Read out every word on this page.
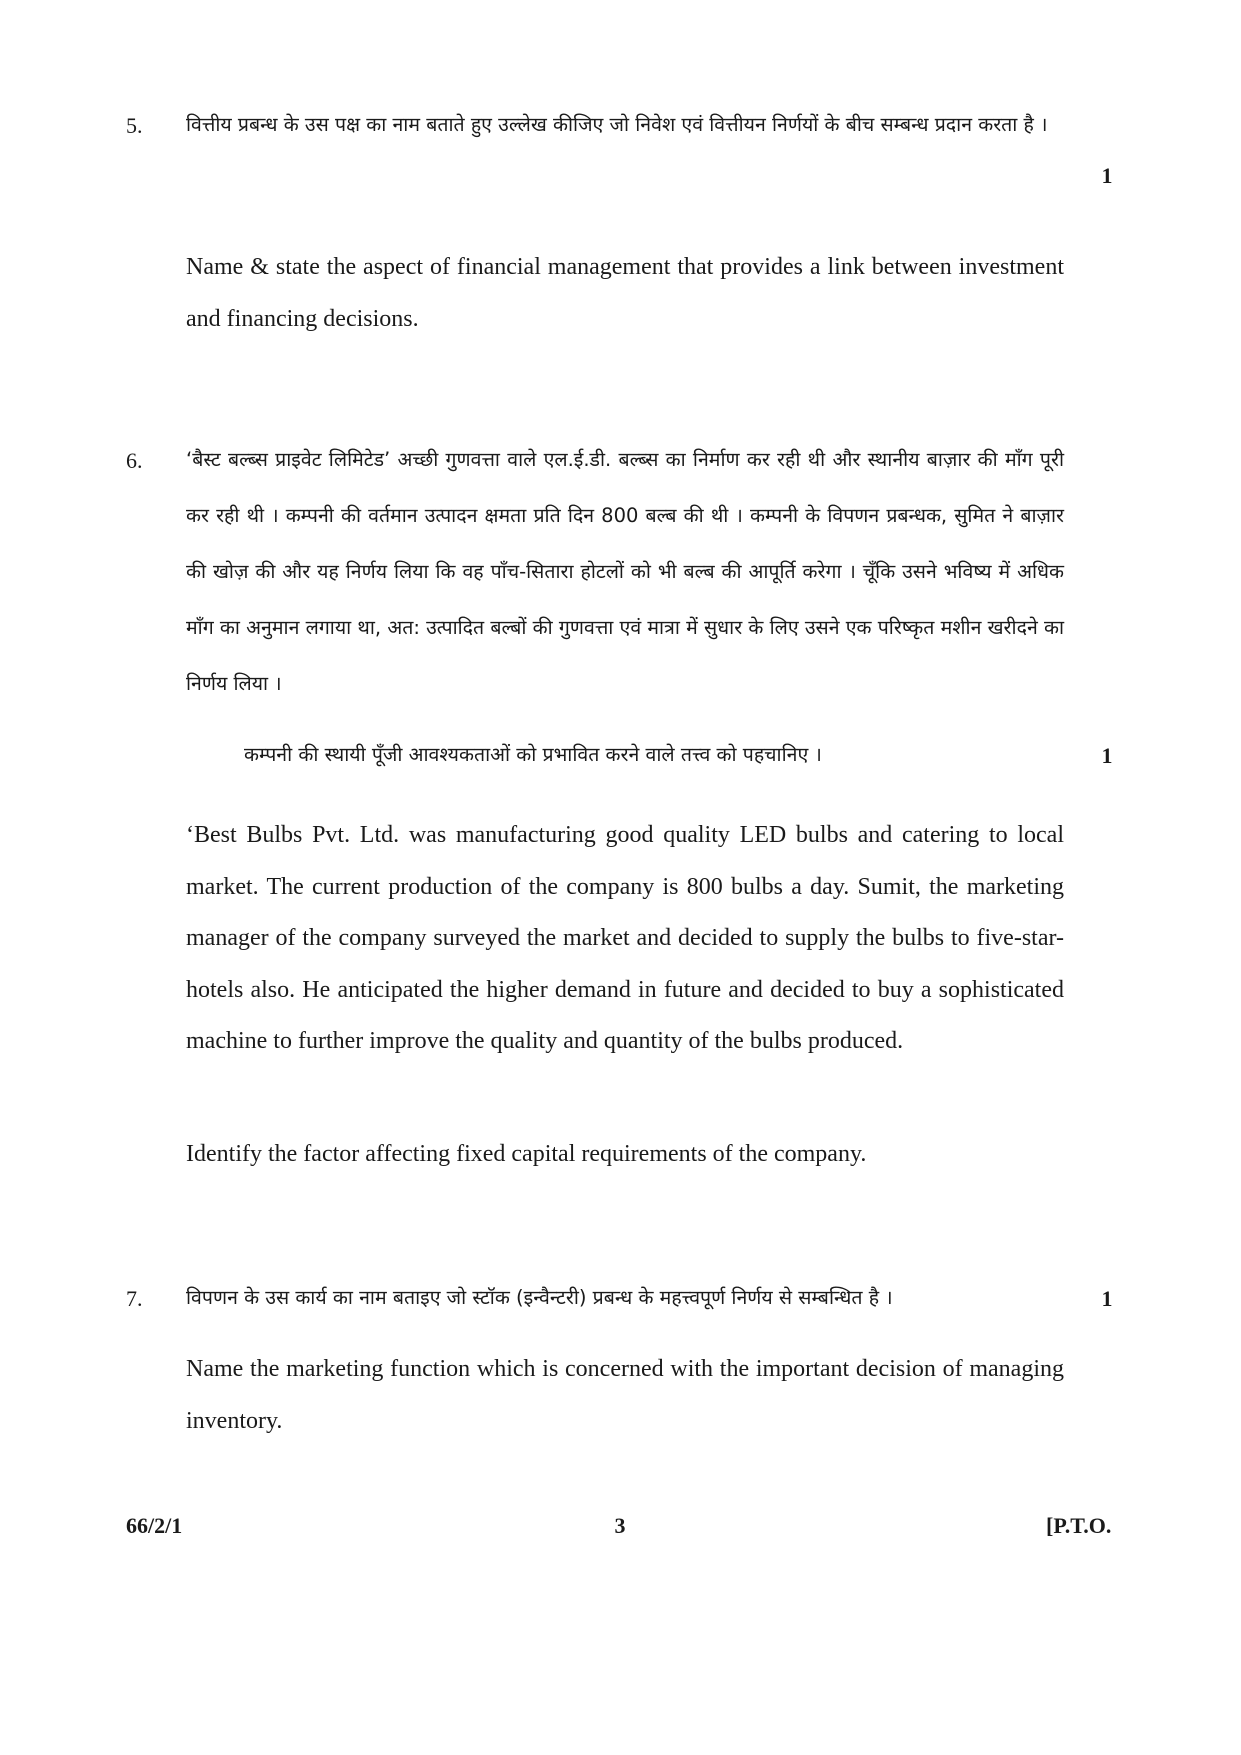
5. वित्तीय प्रबन्ध के उस पक्ष का नाम बताते हुए उल्लेख कीजिए जो निवेश एवं वित्तीयन निर्णयों के बीच सम्बन्ध प्रदान करता है ।
1
Name & state the aspect of financial management that provides a link between investment and financing decisions.
6. ‘बैस्ट बल्ब्स प्राइवेट लिमिटेड’ अच्छी गुणवत्ता वाले एल.ई.डी. बल्ब्स का निर्माण कर रही थी और स्थानीय बाज़ार की माँग पूरी कर रही थी । कम्पनी की वर्तमान उत्पादन क्षमता प्रति दिन 800 बल्ब की थी । कम्पनी के विपणन प्रबन्धक, सुमित ने बाज़ार की खोज़ की और यह निर्णय लिया कि वह पाँच-सितारा होटलों को भी बल्ब की आपूर्ति करेगा । चूँकि उसने भविष्य में अधिक माँग का अनुमान लगाया था, अत: उत्पादित बल्बों की गुणवत्ता एवं मात्रा में सुधार के लिए उसने एक परिष्कृत मशीन खरीदने का निर्णय लिया ।
कम्पनी की स्थायी पूँजी आवश्यकताओं को प्रभावित करने वाले तत्त्व को पहचानिए ।	1
‘Best Bulbs Pvt. Ltd. was manufacturing good quality LED bulbs and catering to local market. The current production of the company is 800 bulbs a day. Sumit, the marketing manager of the company surveyed the market and decided to supply the bulbs to five-star-hotels also. He anticipated the higher demand in future and decided to buy a sophisticated machine to further improve the quality and quantity of the bulbs produced.
Identify the factor affecting fixed capital requirements of the company.
7. विपणन के उस कार्य का नाम बताइए जो स्टॉक (इन्वैन्टरी) प्रबन्ध के महत्त्वपूर्ण निर्णय से सम्बन्धित है ।	1
Name the marketing function which is concerned with the important decision of managing inventory.
66/2/1	3	[P.T.O.
